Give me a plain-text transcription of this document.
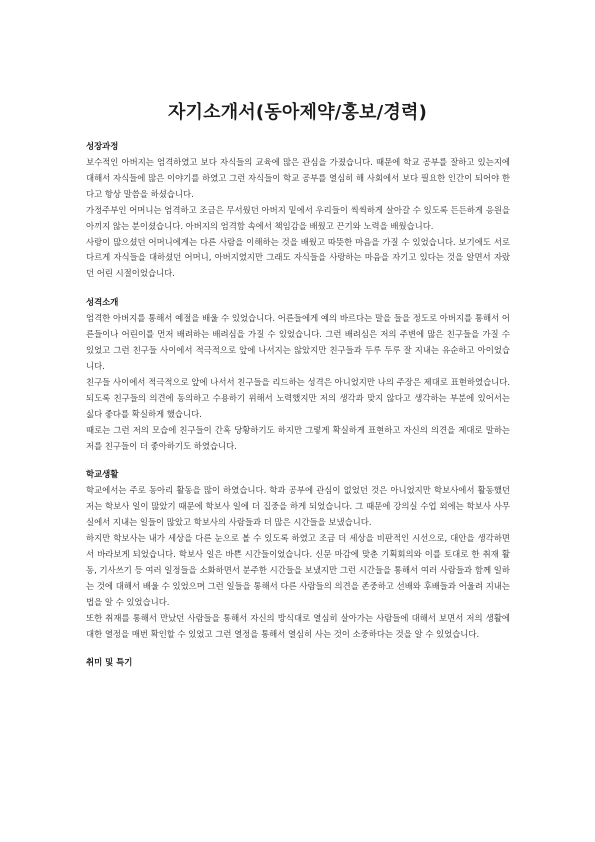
자기소개서(동아제약/홍보/경력)
성장과정

보수적인 아버지는 엄격하였고 보다 자식들의 교육에 많은 관심을 가졌습니다. 때문에 학교 공부를 잘하고 있는지에 대해서 자식들에 많은 이야기를 하였고 그런 자식들이 학교 공부를 열심히 해 사회에서 보다 필요한 인간이 되어야 한다고 항상 말씀을 하셨습니다.

가정주부인 어머니는 엄격하고 조금은 무서웠던 아버지 밑에서 우리들이 씩씩하게 살아갈 수 있도록 든든하게 응원을 아끼지 않는 분이셨습니다. 아버지의 엄격함 속에서 책임감을 배웠고 끈기와 노력을 배웠습니다.

사랑이 많으셨던 어머니에게는 다른 사람을 이해하는 것을 배웠고 따뜻한 마음을 가질 수 있었습니다. 보기에도 서로 다르게 자식들을 대하셨던 어머니, 아버지였지만 그래도 자식들을 사랑하는 마음을 자기고 있다는 것을 알면서 자랐던 어린 시절이었습니다.

성격소개

엄격한 아버지를 통해서 예절을 배울 수 있었습니다. 어른들에게 예의 바르다는 말을 들을 정도로 아버지를 통해서 어른들이나 어린이를 먼저 배려하는 배려심을 가질 수 있었습니다. 그런 배려심은 저의 주변에 많은 친구들을 가질 수 있었고 그런 친구들 사이에서 적극적으로 앞에 나서지는 않았지만 친구들과 두루 두루 잘 지내는 유순하고 아이었습니다.

친구들 사이에서 적극적으로 앞에 나서서 친구들을 리드하는 성격은 아니었지만 나의 주장은 제대로 표현하였습니다. 되도록 친구들의 의견에 동의하고 수용하기 위해서 노력했지만 저의 생각과 맞지 않다고 생각하는 부분에 있어서는 싫다 좋다를 확실하게 했습니다.

때로는 그런 저의 모습에 친구들이 간혹 당황하기도 하지만 그렇게 확실하게 표현하고 자신의 의견을 제대로 말하는 저를 친구들이 더 좋아하기도 하였습니다.

학교생활

학교에서는 주로 동아리 활동을 많이 하였습니다. 학과 공부에 관심이 없었던 것은 아니었지만 학보사에서 활동했던 저는 학보사 일이 많았기 때문에 학보사 일에 더 집중을 하게 되었습니다. 그 때문에 강의실 수업 외에는 학보사 사무실에서 지내는 일들이 많았고 학보사의 사람들과 더 많은 시간들을 보냈습니다.

하지만 학보사는 내가 세상을 다른 눈으로 볼 수 있도록 하였고 조금 더 세상을 비판적인 시선으로, 대안을 생각하면서 바라보게 되었습니다. 학보사 일은 바쁜 시간들이었습니다. 신문 마감에 맞춘 기획회의와 이를 토대로 한 취재 활동, 기사쓰기 등 여러 일정들을 소화하면서 분주한 시간들을 보냈지만 그런 시간들을 통해서 여러 사람들과 함께 일하는 것에 대해서 배울 수 있었으며 그런 일들을 통해서 다른 사람들의 의견을 존중하고 선배와 후배들과 어울려 지내는 법을 알 수 있었습니다.

또한 취재를 통해서 만났던 사람들을 통해서 자신의 방식대로 열심히 살아가는 사람들에 대해서 보면서 저의 생활에 대한 열정을 매번 확인할 수 있었고 그런 열정을 통해서 열심히 사는 것이 소중하다는 것을 알 수 있었습니다.

취미 및 특기
